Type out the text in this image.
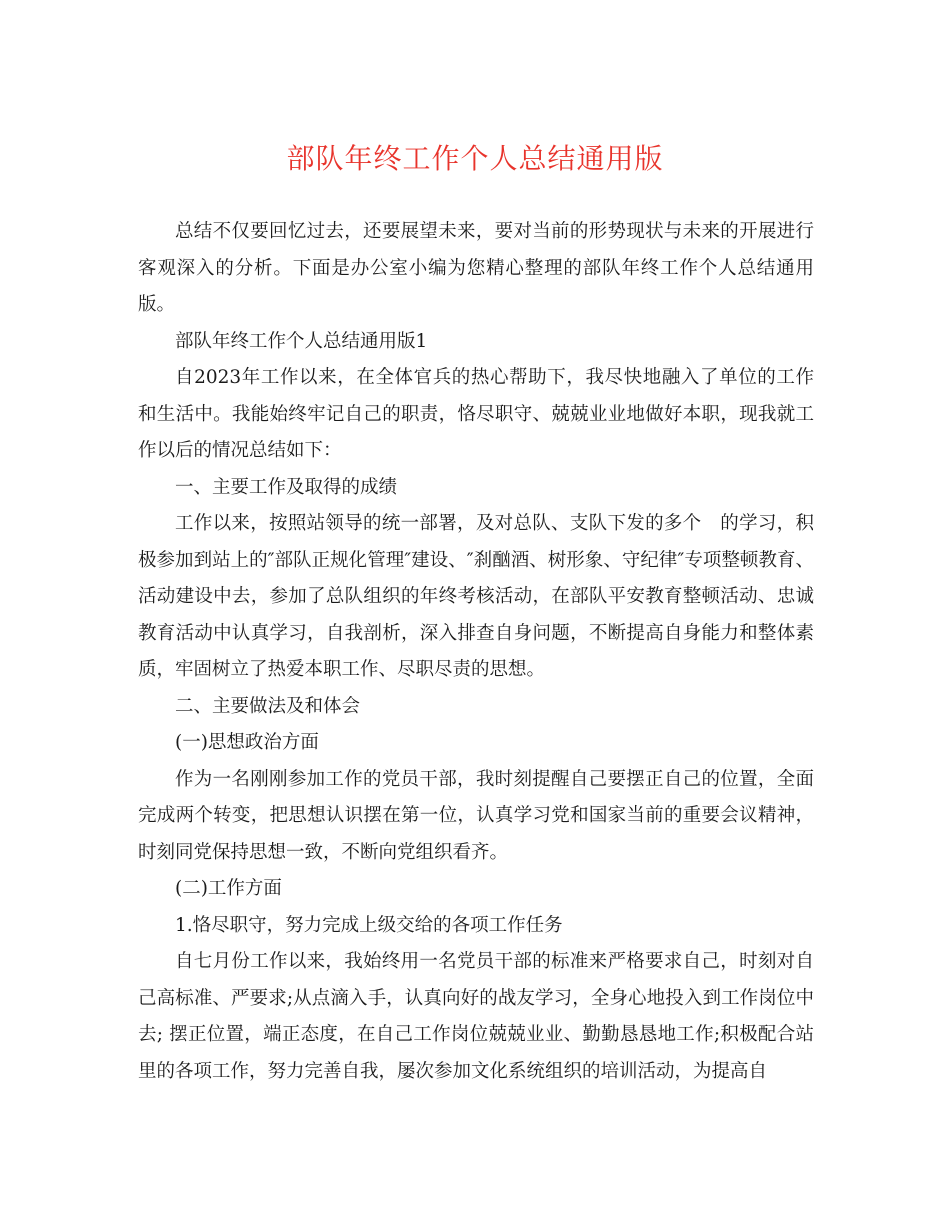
部队年终工作个人总结通用版

总结不仅要回忆过去，还要展望未来，要对当前的形势现状与未来的开展进行客观深入的分析。下面是办公室小编为您精心整理的部队年终工作个人总结通用版。

部队年终工作个人总结通用版1

自2023年工作以来，在全体官兵的热心帮助下，我尽快地融入了单位的工作和生活中。我能始终牢记自己的职责，恪尽职守、兢兢业业地做好本职，现我就工作以后的情况总结如下：

一、主要工作及取得的成绩

工作以来，按照站领导的统一部署，及对总队、支队下发的多个　的学习，积极参加到站上的″部队正规化管理″建设、″刹酗酒、树形象、守纪律″专项整顿教育、活动建设中去，参加了总队组织的年终考核活动，在部队平安教育整顿活动、忠诚教育活动中认真学习，自我剖析，深入排查自身问题，不断提高自身能力和整体素质，牢固树立了热爱本职工作、尽职尽责的思想。

二、主要做法及和体会

(一)思想政治方面

作为一名刚刚参加工作的党员干部，我时刻提醒自己要摆正自己的位置，全面完成两个转变，把思想认识摆在第一位，认真学习党和国家当前的重要会议精神，时刻同党保持思想一致，不断向党组织看齐。

(二)工作方面

1.恪尽职守，努力完成上级交给的各项工作任务

自七月份工作以来，我始终用一名党员干部的标准来严格要求自己，时刻对自己高标准、严要求;从点滴入手，认真向好的战友学习，全身心地投入到工作岗位中去; 摆正位置，端正态度，在自己工作岗位兢兢业业、勤勤恳恳地工作;积极配合站里的各项工作，努力完善自我，屡次参加文化系统组织的培训活动，为提高自
